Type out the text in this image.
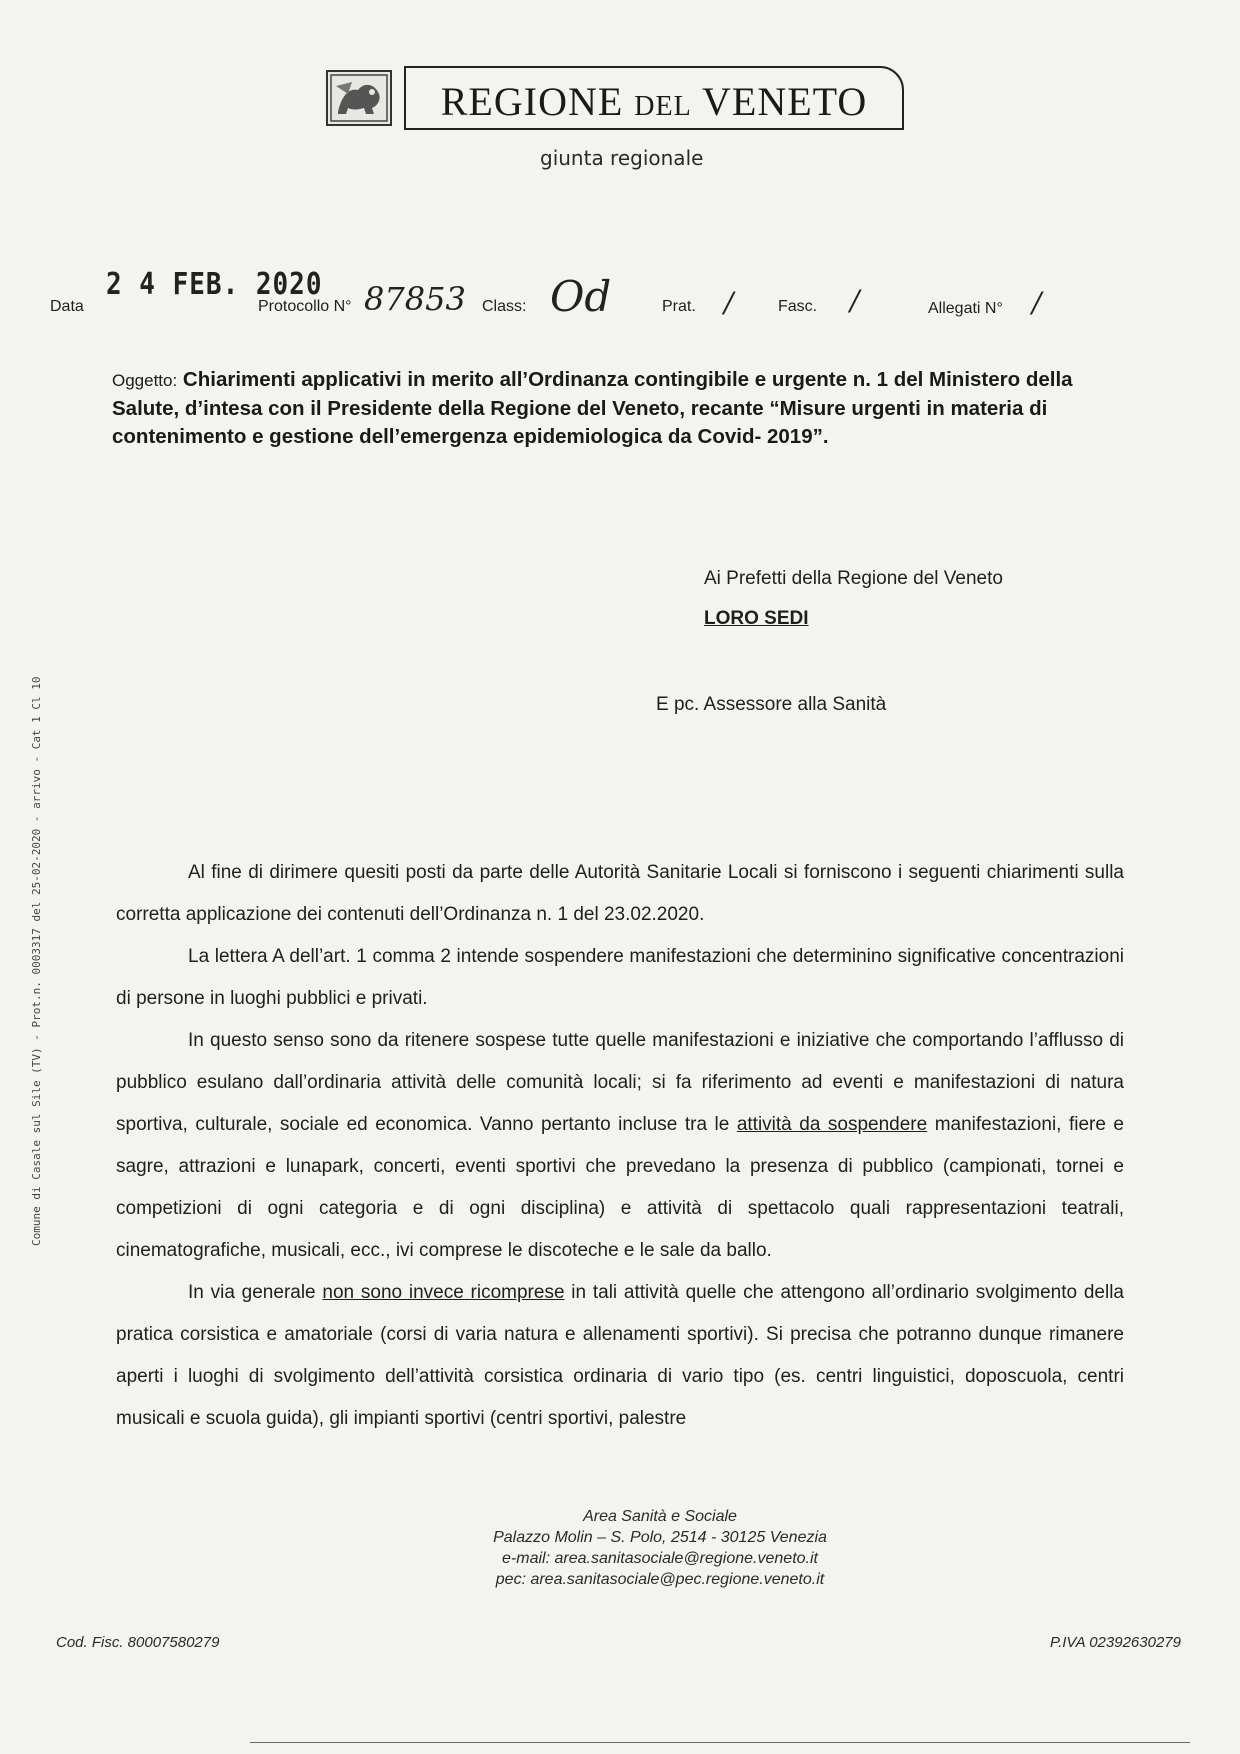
REGIONE DEL VENETO
giunta regionale
Data
2 4 FEB. 2020
Protocollo N° 87853 Class: Od	Prat. /	Fasc. /	Allegati N° /
Oggetto: Chiarimenti applicativi in merito all’Ordinanza contingibile e urgente n. 1 del Ministero della Salute, d’intesa con il Presidente della Regione del Veneto, recante “Misure urgenti in materia di contenimento e gestione dell’emergenza epidemiologica da Covid- 2019”.
Ai Prefetti della Regione del Veneto
LORO SEDI
E pc. Assessore alla Sanità

Al fine di dirimere quesiti posti da parte delle Autorità Sanitarie Locali si forniscono i seguenti chiarimenti sulla corretta applicazione dei contenuti dell’Ordinanza n. 1 del 23.02.2020.

La lettera A dell’art. 1 comma 2 intende sospendere manifestazioni che determinino significative concentrazioni di persone in luoghi pubblici e privati.

In questo senso sono da ritenere sospese tutte quelle manifestazioni e iniziative che comportando l’afflusso di pubblico esulano dall’ordinaria attività delle comunità locali; si fa riferimento ad eventi e manifestazioni di natura sportiva, culturale, sociale ed economica. Vanno pertanto incluse tra le attività da sospendere manifestazioni, fiere e sagre, attrazioni e lunapark, concerti, eventi sportivi che prevedano la presenza di pubblico (campionati, tornei e competizioni di ogni categoria e di ogni disciplina) e attività di spettacolo quali rappresentazioni teatrali, cinematografiche, musicali, ecc., ivi comprese le discoteche e le sale da ballo.

In via generale non sono invece ricomprese in tali attività quelle che attengono all’ordinario svolgimento della pratica corsistica e amatoriale (corsi di varia natura e allenamenti sportivi). Si precisa che potranno dunque rimanere aperti i luoghi di svolgimento dell’attività corsistica ordinaria di vario tipo (es. centri linguistici, doposcuola, centri musicali e scuola guida), gli impianti sportivi (centri sportivi, palestre

Comune di Casale sul Sile (TV) - Prot.n. 0003317 del 25-02-2020 - arrivo - Cat 1 Cl 10
Area Sanità e Sociale
Palazzo Molin – S. Polo, 2514 - 30125 Venezia
e-mail: area.sanitasociale@regione.veneto.it
pec: area.sanitasociale@pec.regione.veneto.it
Cod. Fisc. 80007580279	P.IVA 02392630279
